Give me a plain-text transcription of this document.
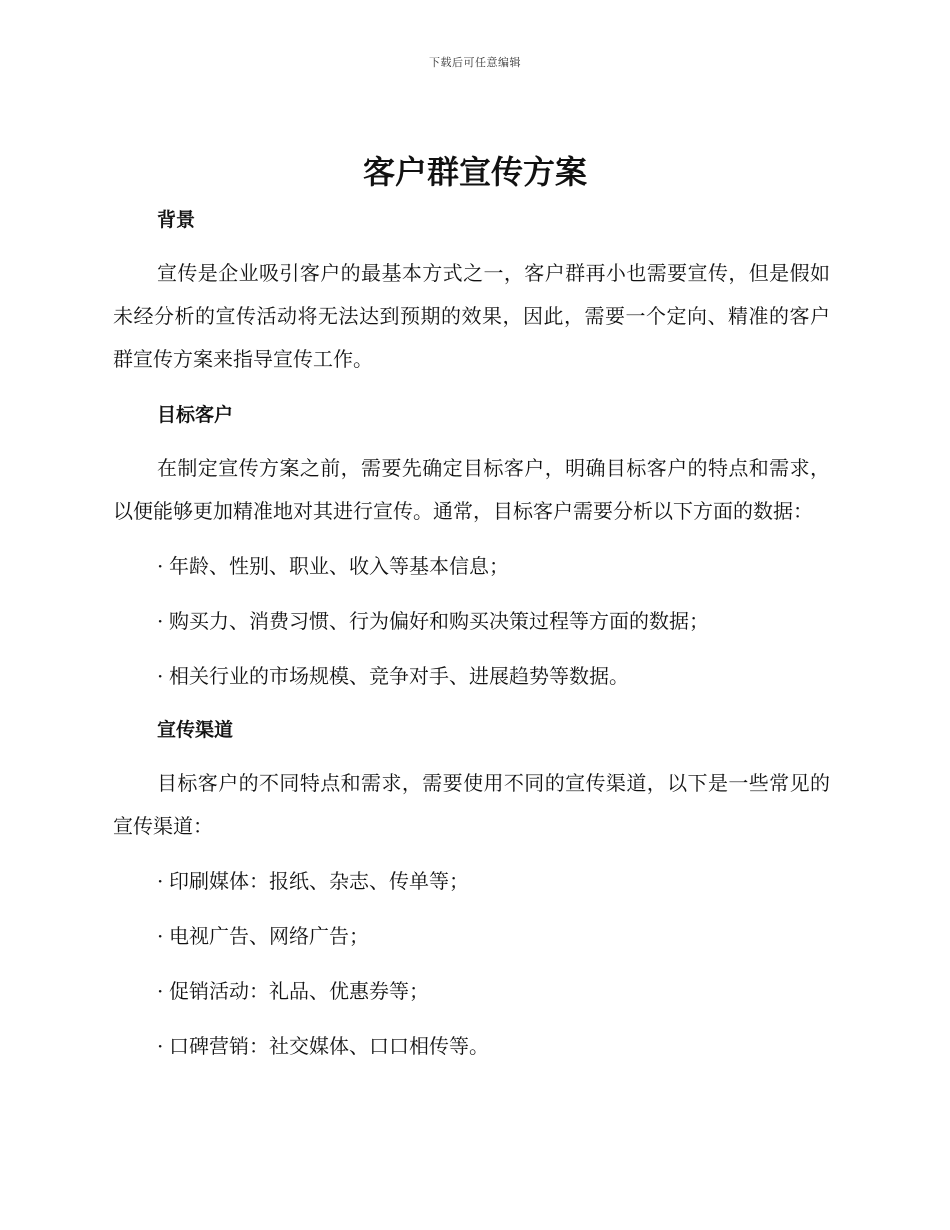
下载后可任意编辑
客户群宣传方案
背景

宣传是企业吸引客户的最基本方式之一，客户群再小也需要宣传，但是假如未经分析的宣传活动将无法达到预期的效果，因此，需要一个定向、精准的客户群宣传方案来指导宣传工作。

目标客户

在制定宣传方案之前，需要先确定目标客户，明确目标客户的特点和需求，以便能够更加精准地对其进行宣传。通常，目标客户需要分析以下方面的数据：

· 年龄、性别、职业、收入等基本信息；

· 购买力、消费习惯、行为偏好和购买决策过程等方面的数据；

· 相关行业的市场规模、竞争对手、进展趋势等数据。

宣传渠道

目标客户的不同特点和需求，需要使用不同的宣传渠道，以下是一些常见的宣传渠道：

· 印刷媒体：报纸、杂志、传单等；

· 电视广告、网络广告；

· 促销活动：礼品、优惠券等；

· 口碑营销：社交媒体、口口相传等。
